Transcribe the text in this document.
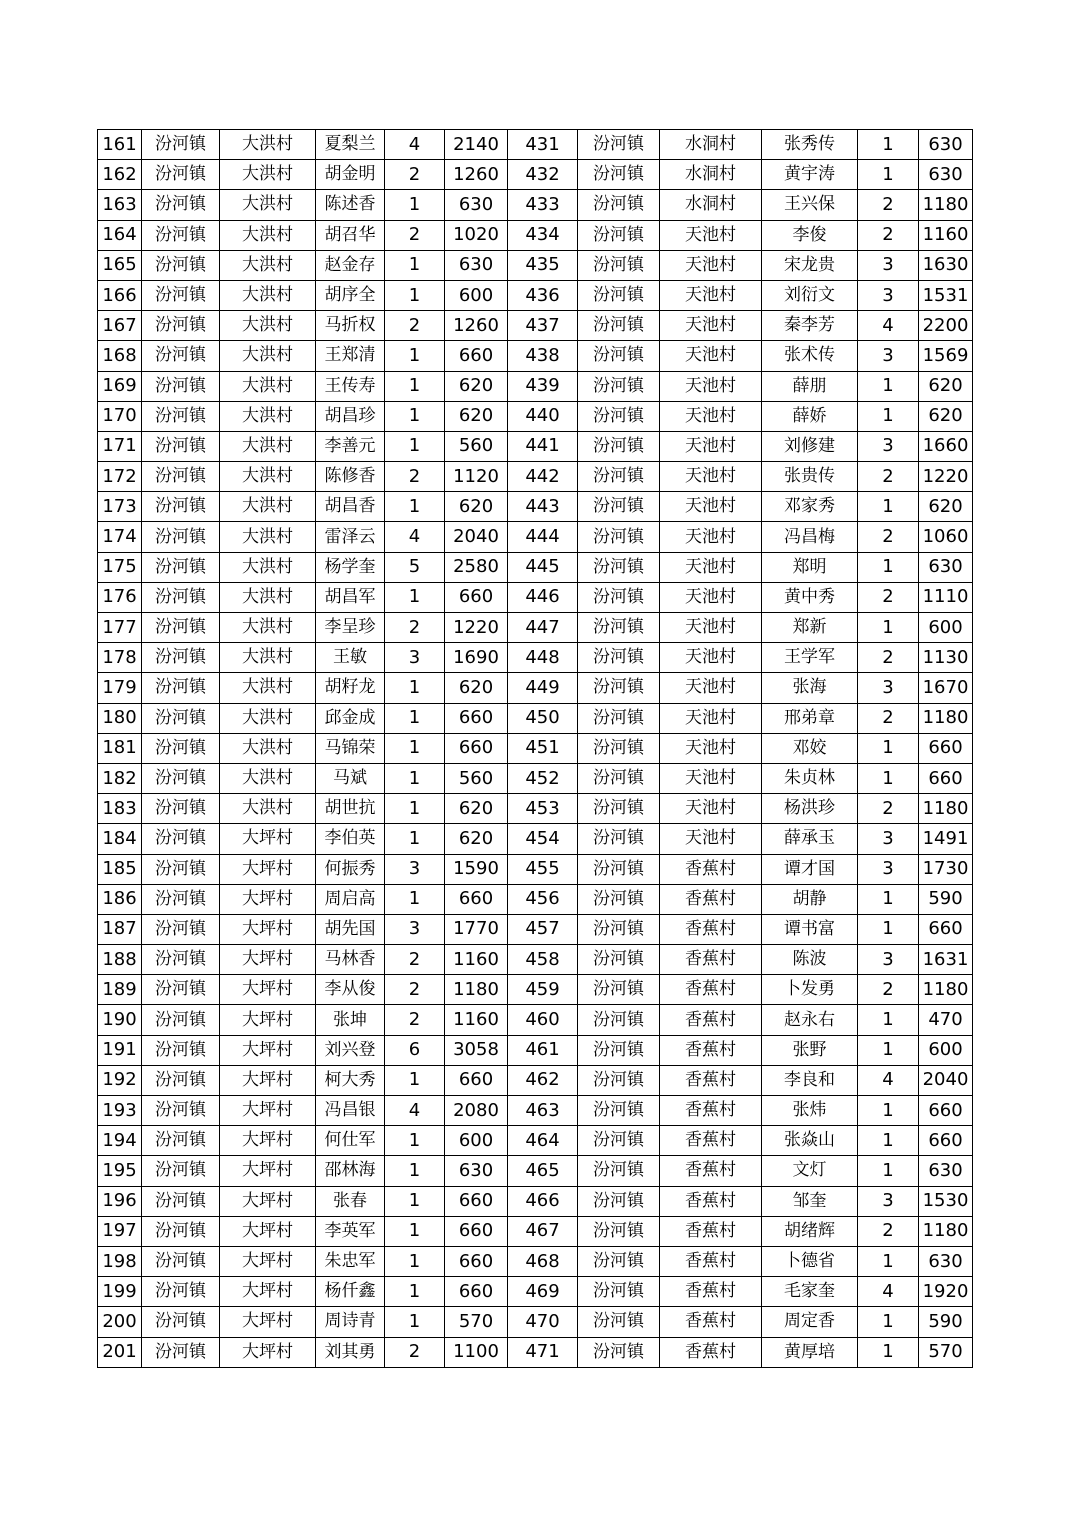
161	汾河镇	大洪村	夏梨兰	4	2140	431	汾河镇	水洞村	张秀传	1	630
162	汾河镇	大洪村	胡金明	2	1260	432	汾河镇	水洞村	黄宇涛	1	630
163	汾河镇	大洪村	陈述香	1	630	433	汾河镇	水洞村	王兴保	2	1180
164	汾河镇	大洪村	胡召华	2	1020	434	汾河镇	天池村	李俊	2	1160
165	汾河镇	大洪村	赵金存	1	630	435	汾河镇	天池村	宋龙贵	3	1630
166	汾河镇	大洪村	胡序全	1	600	436	汾河镇	天池村	刘衍文	3	1531
167	汾河镇	大洪村	马折权	2	1260	437	汾河镇	天池村	秦李芳	4	2200
168	汾河镇	大洪村	王郑清	1	660	438	汾河镇	天池村	张术传	3	1569
169	汾河镇	大洪村	王传寿	1	620	439	汾河镇	天池村	薛朋	1	620
170	汾河镇	大洪村	胡昌珍	1	620	440	汾河镇	天池村	薛娇	1	620
171	汾河镇	大洪村	李善元	1	560	441	汾河镇	天池村	刘修建	3	1660
172	汾河镇	大洪村	陈修香	2	1120	442	汾河镇	天池村	张贵传	2	1220
173	汾河镇	大洪村	胡昌香	1	620	443	汾河镇	天池村	邓家秀	1	620
174	汾河镇	大洪村	雷泽云	4	2040	444	汾河镇	天池村	冯昌梅	2	1060
175	汾河镇	大洪村	杨学奎	5	2580	445	汾河镇	天池村	郑明	1	630
176	汾河镇	大洪村	胡昌军	1	660	446	汾河镇	天池村	黄中秀	2	1110
177	汾河镇	大洪村	李呈珍	2	1220	447	汾河镇	天池村	郑新	1	600
178	汾河镇	大洪村	王敏	3	1690	448	汾河镇	天池村	王学军	2	1130
179	汾河镇	大洪村	胡籽龙	1	620	449	汾河镇	天池村	张海	3	1670
180	汾河镇	大洪村	邱金成	1	660	450	汾河镇	天池村	邢弟章	2	1180
181	汾河镇	大洪村	马锦荣	1	660	451	汾河镇	天池村	邓姣	1	660
182	汾河镇	大洪村	马斌	1	560	452	汾河镇	天池村	朱贞林	1	660
183	汾河镇	大洪村	胡世抗	1	620	453	汾河镇	天池村	杨洪珍	2	1180
184	汾河镇	大坪村	李伯英	1	620	454	汾河镇	天池村	薛承玉	3	1491
185	汾河镇	大坪村	何振秀	3	1590	455	汾河镇	香蕉村	谭才国	3	1730
186	汾河镇	大坪村	周启高	1	660	456	汾河镇	香蕉村	胡静	1	590
187	汾河镇	大坪村	胡先国	3	1770	457	汾河镇	香蕉村	谭书富	1	660
188	汾河镇	大坪村	马林香	2	1160	458	汾河镇	香蕉村	陈波	3	1631
189	汾河镇	大坪村	李从俊	2	1180	459	汾河镇	香蕉村	卜发勇	2	1180
190	汾河镇	大坪村	张坤	2	1160	460	汾河镇	香蕉村	赵永右	1	470
191	汾河镇	大坪村	刘兴登	6	3058	461	汾河镇	香蕉村	张野	1	600
192	汾河镇	大坪村	柯大秀	1	660	462	汾河镇	香蕉村	李良和	4	2040
193	汾河镇	大坪村	冯昌银	4	2080	463	汾河镇	香蕉村	张炜	1	660
194	汾河镇	大坪村	何仕军	1	600	464	汾河镇	香蕉村	张焱山	1	660
195	汾河镇	大坪村	邵林海	1	630	465	汾河镇	香蕉村	文灯	1	630
196	汾河镇	大坪村	张春	1	660	466	汾河镇	香蕉村	邹奎	3	1530
197	汾河镇	大坪村	李英军	1	660	467	汾河镇	香蕉村	胡绪辉	2	1180
198	汾河镇	大坪村	朱忠军	1	660	468	汾河镇	香蕉村	卜德省	1	630
199	汾河镇	大坪村	杨仟鑫	1	660	469	汾河镇	香蕉村	毛家奎	4	1920
200	汾河镇	大坪村	周诗青	1	570	470	汾河镇	香蕉村	周定香	1	590
201	汾河镇	大坪村	刘其勇	2	1100	471	汾河镇	香蕉村	黄厚培	1	570
